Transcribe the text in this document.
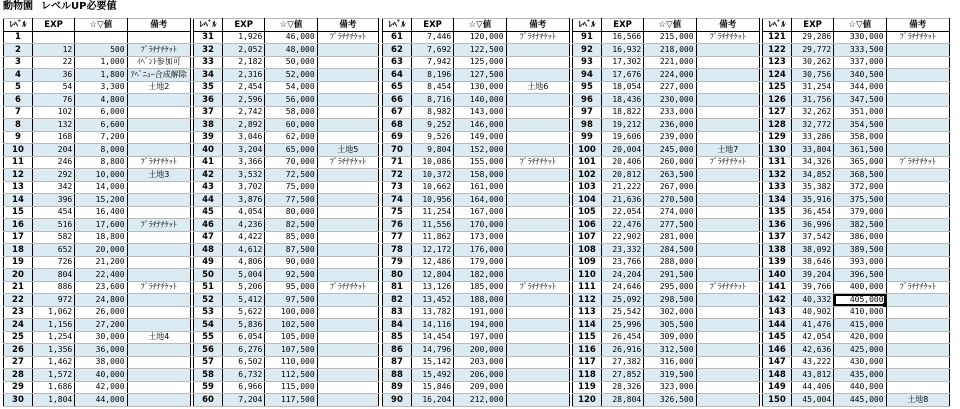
動物園 レベルUP必要値
ﾚﾍﾞﾙ	EXP	☆▽値	備考
1			
2	12	500	ﾌﾟﾗﾁﾅﾁｹｯﾄ
3	22	1,000	ｲﾍﾞﾝﾄ参加可
4	36	1,800	ｱﾍﾞﾆｭｰ合成解除
5	54	3,300	土地2
6	76	4,800	
7	102	6,000	
8	132	6,600	
9	168	7,200	
10	204	8,000	
11	246	8,800	ﾌﾟﾗﾁﾅﾁｹｯﾄ
12	292	10,000	土地3
13	342	14,000	
14	396	15,200	
15	454	16,400	
16	516	17,600	ﾌﾟﾗﾁﾅﾁｹｯﾄ
17	582	18,800	
18	652	20,000	
19	726	21,200	
20	804	22,400	
21	886	23,600	ﾌﾟﾗﾁﾅﾁｹｯﾄ
22	972	24,800	
23	1,062	26,000	
24	1,156	27,200	
25	1,254	30,000	土地4
26	1,356	36,000	
27	1,462	38,000	
28	1,572	40,000	
29	1,686	42,000	
30	1,804	44,000	
ﾚﾍﾞﾙ	EXP	☆▽値	備考
31	1,926	46,000	ﾌﾟﾗﾁﾅﾁｹｯﾄ
32	2,052	48,000	
33	2,182	50,000	
34	2,316	52,000	
35	2,454	54,000	
36	2,596	56,000	
37	2,742	58,000	
38	2,892	60,000	
39	3,046	62,000	
40	3,204	65,000	土地5
41	3,366	70,000	ﾌﾟﾗﾁﾅﾁｹｯﾄ
42	3,532	72,500	
43	3,702	75,000	
44	3,876	77,500	
45	4,054	80,000	
46	4,236	82,500	
47	4,422	85,000	
48	4,612	87,500	
49	4,806	90,000	
50	5,004	92,500	
51	5,206	95,000	ﾌﾟﾗﾁﾅﾁｹｯﾄ
52	5,412	97,500	
53	5,622	100,000	
54	5,836	102,500	
55	6,054	105,000	
56	6,276	107,500	
57	6,502	110,000	
58	6,732	112,500	
59	6,966	115,000	
60	7,204	117,500	
ﾚﾍﾞﾙ	EXP	☆▽値	備考
61	7,446	120,000	ﾌﾟﾗﾁﾅﾁｹｯﾄ
62	7,692	122,500	
63	7,942	125,000	
64	8,196	127,500	
65	8,454	130,000	土地6
66	8,716	140,000	
67	8,982	143,000	
68	9,252	146,000	
69	9,526	149,000	
70	9,804	152,000	
71	10,086	155,000	ﾌﾟﾗﾁﾅﾁｹｯﾄ
72	10,372	158,000	
73	10,662	161,000	
74	10,956	164,000	
75	11,254	167,000	
76	11,556	170,000	
77	11,862	173,000	
78	12,172	176,000	
79	12,486	179,000	
80	12,804	182,000	
81	13,126	185,000	ﾌﾟﾗﾁﾅﾁｹｯﾄ
82	13,452	188,000	
83	13,782	191,000	
84	14,116	194,000	
85	14,454	197,000	
86	14,796	200,000	
87	15,142	203,000	
88	15,492	206,000	
89	15,846	209,000	
90	16,204	212,000	
ﾚﾍﾞﾙ	EXP	☆▽値	備考
91	16,566	215,000	ﾌﾟﾗﾁﾅﾁｹｯﾄ
92	16,932	218,000	
93	17,302	221,000	
94	17,676	224,000	
95	18,054	227,000	
96	18,436	230,000	
97	18,822	233,000	
98	19,212	236,000	
99	19,606	239,000	
100	20,004	245,000	土地7
101	20,406	260,000	ﾌﾟﾗﾁﾅﾁｹｯﾄ
102	20,812	263,500	
103	21,222	267,000	
104	21,636	270,500	
105	22,054	274,000	
106	22,476	277,500	
107	22,902	281,000	
108	23,332	284,500	
109	23,766	288,000	
110	24,204	291,500	
111	24,646	295,000	ﾌﾟﾗﾁﾅﾁｹｯﾄ
112	25,092	298,500	
113	25,542	302,000	
114	25,996	305,500	
115	26,454	309,000	
116	26,916	312,500	
117	27,382	316,000	
118	27,852	319,500	
119	28,326	323,000	
120	28,804	326,500	
ﾚﾍﾞﾙ	EXP	☆▽値	備考
121	29,286	330,000	ﾌﾟﾗﾁﾅﾁｹｯﾄ
122	29,772	333,500	
123	30,262	337,000	
124	30,756	340,500	
125	31,254	344,000	
126	31,756	347,500	
127	32,262	351,000	
128	32,772	354,500	
129	33,286	358,000	
130	33,804	361,500	
131	34,326	365,000	ﾌﾟﾗﾁﾅﾁｹｯﾄ
132	34,852	368,500	
133	35,382	372,000	
134	35,916	375,500	
135	36,454	379,000	
136	36,996	382,500	
137	37,542	386,000	
138	38,092	389,500	
139	38,646	393,000	
140	39,204	396,500	
141	39,766	400,000	ﾌﾟﾗﾁﾅﾁｹｯﾄ
142	40,332	405,000	
143	40,902	410,000	
144	41,476	415,000	
145	42,054	420,000	
146	42,636	425,000	
147	43,222	430,000	
148	43,812	435,000	
149	44,406	440,000	
150	45,004	445,000	土地8
